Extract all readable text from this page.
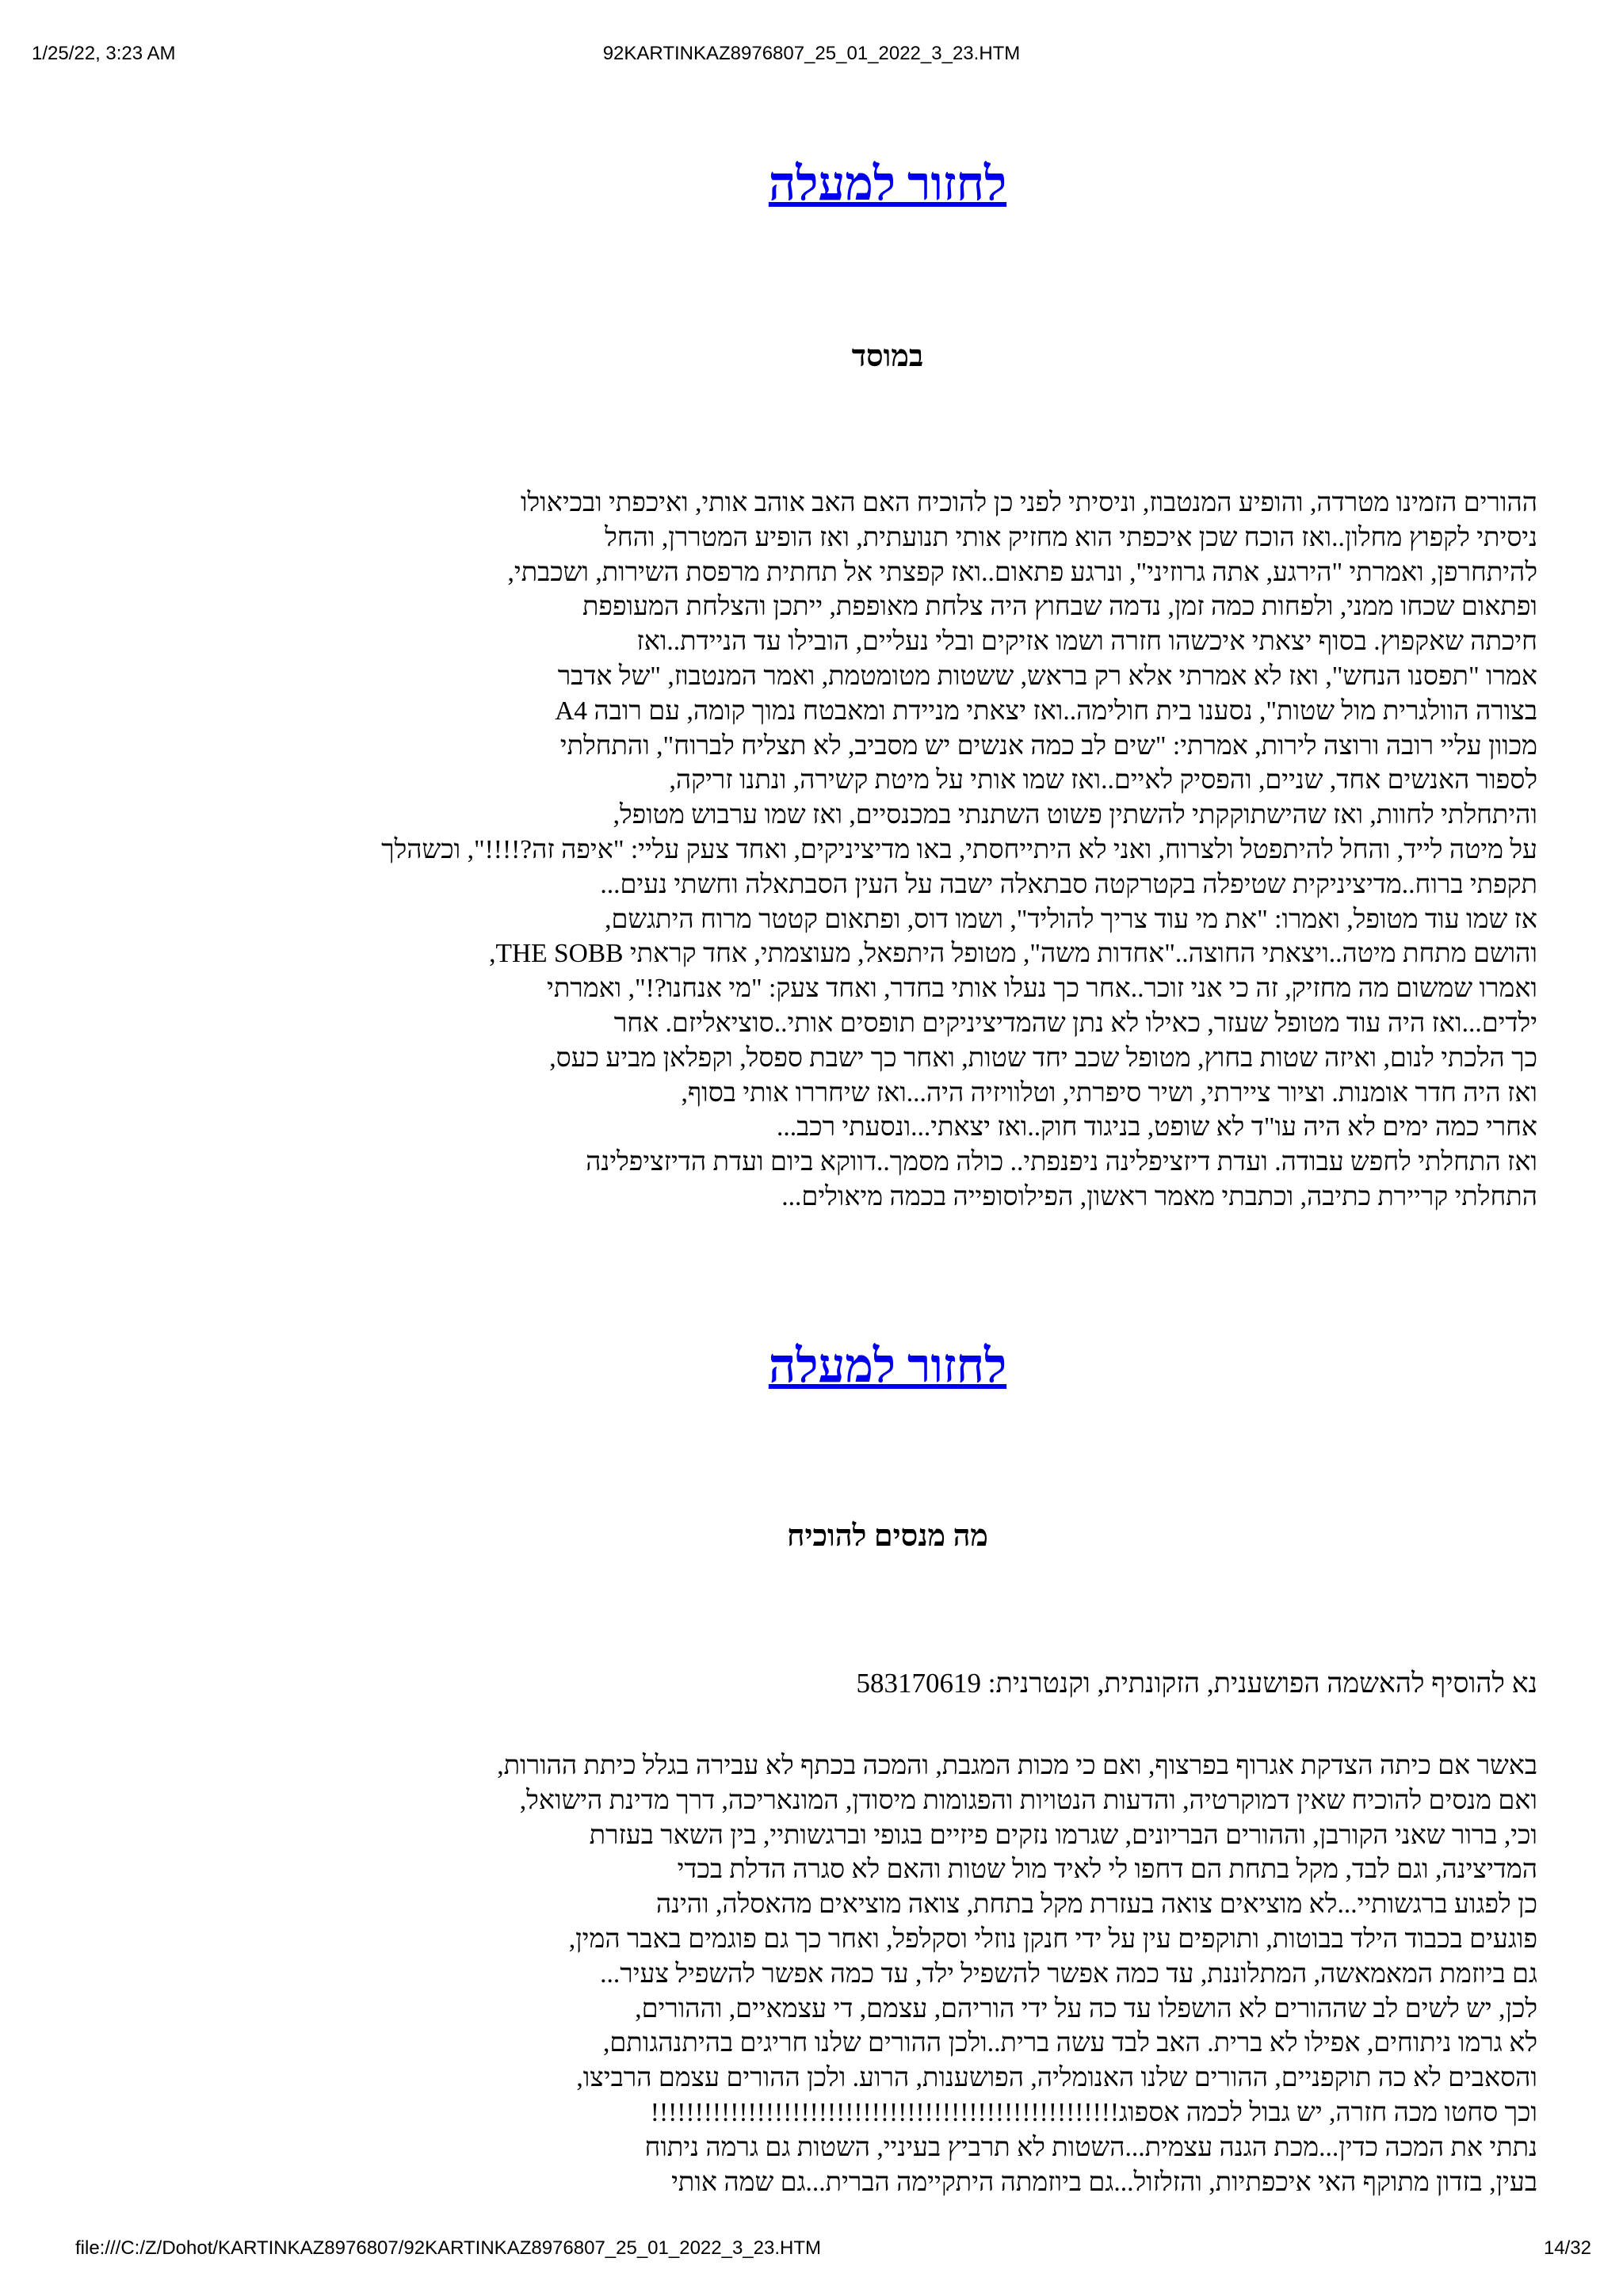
1/25/22, 3:23 AM	92KARTINKAZ8976807_25_01_2022_3_23.HTM
לחזור למעלה
במוסד
ההורים הזמינו מטרדה, והופיע המנטבוז, וניסיתי לפני כן להוכיח האם האב אוהב אותי, ואיכפתי ובכיאולו
ניסיתי לקפוץ מחלון..ואז הוכח שכן איכפתי הוא מחזיק אותי תנועתית, ואז הופיע המטררן, והחל
להיתחרפן, ואמרתי "הירגע, אתה גרוזיני", ונרגע פתאום..ואז קפצתי אל תחתית מרפסת השירות, ושכבתי,
ופתאום שכחו ממני, ולפחות כמה זמן, נדמה שבחוץ היה צלחת מאופפת, ייתכן והצלחת המעופפת
חיכתה שאקפוץ. בסוף יצאתי איכשהו חזרה ושמו אזיקים ובלי נעליים, הובילו עד הניידת..ואז
אמרו "תפסנו הנחש", ואז לא אמרתי אלא רק בראש, ששטות מטומטמת, ואמר המנטבוז, "של אדבר
בצורה הוולגרית מול שטות", נסענו בית חולימה..ואז יצאתי מניידת ומאבטח נמוך קומה, עם רובה A4
מכוון עליי רובה ורוצה לירות, אמרתי: "שים לב כמה אנשים יש מסביב, לא תצליח לברוח", והתחלתי
לספור האנשים אחד, שניים, והפסיק לאיים..ואז שמו אותי על מיטת קשירה, ונתנו זריקה,
והיתחלתי לחוות, ואז שהישתוקקתי להשתין פשוט השתנתי במכנסיים, ואז שמו ערבוש מטופל,
על מיטה לייד, והחל להיתפטל ולצרוח, ואני לא היתייחסתי, באו מדיציניקים, ואחד צעק עליי: "איפה זה?!!!!", וכשהלך
תקפתי ברוח..מדיציניקית שטיפלה בקטרקטה סבתאלה ישבה על העין הסבתאלה וחשתי נעים...
אז שמו עוד מטופל, ואמרו: "את מי עוד צריך להוליד", ושמו דוס, ופתאום קטטר מרוח היתגשם,
והושם מתחת מיטה..ויצאתי החוצה.."אחדות משה", מטופל היתפאל, מעוצמתי, אחד קראתי THE SOBB,
ואמרו שמשום מה מחזיק, זה כי אני זוכר..אחר כך נעלו אותי בחדר, ואחד צעק: "מי אנחנו?!", ואמרתי
ילדים...ואז היה עוד מטופל שעזר, כאילו לא נתן שהמדיציניקים תופסים אותי..סוציאליזם. אחר
כך הלכתי לנום, ואיזה שטות בחוץ, מטופל שכב יחד שטות, ואחר כך ישבת ספסל, וקפלאן מביע כעס,
ואז היה חדר אומנות. וציור ציירתי, ושיר סיפרתי, וטלוויזיה היה...ואז שיחררו אותי בסוף,
אחרי כמה ימים לא היה עו"ד לא שופט, בניגוד חוק..ואז יצאתי...ונסעתי רכב...
ואז התחלתי לחפש עבודה. ועדת דיזציפלינה ניפנפתי.. כולה מסמך..דווקא ביום ועדת הדיזציפלינה
התחלתי קריירת כתיבה, וכתבתי מאמר ראשון, הפילוסופייה בכמה מיאולים...
לחזור למעלה
מה מנסים להוכיח
נא להוסיף להאשמה הפושענית, הזקונתית, וקנטרנית: 583170619
באשר אם כיתה הצדקת אגרוף בפרצוף, ואם כי מכות המגבת, והמכה בכתף לא עבירה בגלל כיתת ההורות,
ואם מנסים להוכיח שאין דמוקרטיה, והדעות הנטויות והפגומות מיסודן, המונאריכה, דרך מדינת הישואל,
וכי, ברור שאני הקורבן, וההורים הבריונים, שגרמו נזקים פיזיים בגופי וברגשותיי, בין השאר בעזרת
המדיצינה, וגם לבד, מקל בתחת הם דחפו לי לאיד מול שטות והאם לא סגרה הדלת בכדי
כן לפגוע ברגשותיי...לא מוציאים צואה בעזרת מקל בתחת, צואה מוציאים מהאסלה, והינה
פוגעים בכבוד הילד בבוטות, ותוקפים עין על ידי חנקן נוזלי וסקלפל, ואחר כך גם פוגמים באבר המין,
גם ביוזמת המאמאשה, המתלוננת, עד כמה אפשר להשפיל ילד, עד כמה אפשר להשפיל צעיר...
לכן, יש לשים לב שההורים לא הושפלו עד כה על ידי הוריהם, עצמם, די עצמאיים, וההורים,
לא גרמו ניתוחים, אפילו לא ברית. האב לבד עשה ברית..ולכן ההורים שלנו חריגים בהיתנהגותם,
והסאבים לא כה תוקפניים, ההורים שלנו האנומליה, הפושענות, הרוע. ולכן ההורים עצמם הרביצו,
וכך סחטו מכה חזרה, יש גבול לכמה אספוג!!!!!!!!!!!!!!!!!!!!!!!!!!!!!!!!!!!!!!!!!!!!!!!!!!!!!
נתתי את המכה כדין...מכת הגנה עצמית...השטות לא תרביץ בעיניי, השטות גם גרמה ניתוח
בעין, בזדון מתוקף האי איכפתיות, והזלזול...גם ביוזמתה היתקיימה הברית...גם שמה אותי
file:///C:/Z/Dohot/KARTINKAZ8976807/92KARTINKAZ8976807_25_01_2022_3_23.HTM	14/32
